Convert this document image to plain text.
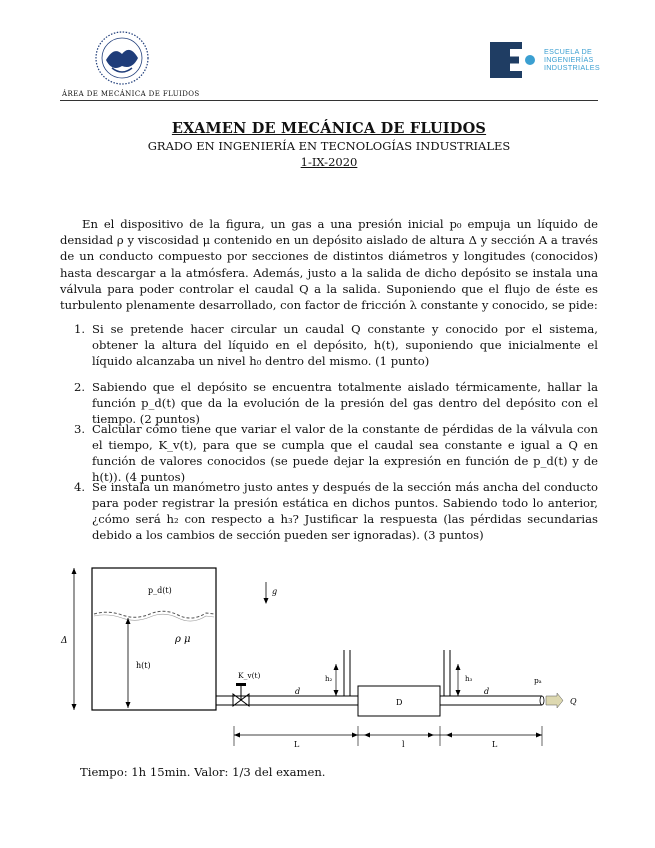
ÁREA DE MECÁNICA DE FLUIDOS
ESCUELA DE
INGENIERÍAS
INDUSTRIALES
EXAMEN DE MECÁNICA DE FLUIDOS
GRADO EN INGENIERÍA EN TECNOLOGÍAS INDUSTRIALES
1-IX-2020
En el dispositivo de la figura, un gas a una presión inicial p₀ empuja un líquido de densidad ρ y viscosidad μ contenido en un depósito aislado de altura Δ y sección A a través de un conducto compuesto por secciones de distintos diámetros y longitudes (conocidos) hasta descargar a la atmósfera. Además, justo a la salida de dicho depósito se instala una válvula para poder controlar el caudal Q a la salida. Suponiendo que el flujo de éste es turbulento plenamente desarrollado, con factor de fricción λ constante y conocido, se pide:
1. Si se pretende hacer circular un caudal Q constante y conocido por el sistema, obtener la altura del líquido en el depósito, h(t), suponiendo que inicialmente el líquido alcanzaba un nivel h₀ dentro del mismo. (1 punto)
2. Sabiendo que el depósito se encuentra totalmente aislado térmicamente, hallar la función p_d(t) que da la evolución de la presión del gas dentro del depósito con el tiempo. (2 puntos)
3. Calcular cómo tiene que variar el valor de la constante de pérdidas de la válvula con el tiempo, K_v(t), para que se cumpla que el caudal sea constante e igual a Q en función de valores conocidos (se puede dejar la expresión en función de p_d(t) y de h(t)). (4 puntos)
4. Se instala un manómetro justo antes y después de la sección más ancha del conducto para poder registrar la presión estática en dichos puntos. Sabiendo todo lo anterior, ¿cómo será h₂ con respecto a h₃? Justificar la respuesta (las pérdidas secundarias debido a los cambios de sección pueden ser ignoradas). (3 puntos)
p_d(t)
ρ μ
h(t)
Δ
g
K_v(t)
d
D
d
h₂	h₃	pₐ
Q
L	l	L
Tiempo: 1h 15min. Valor: 1/3 del examen.
